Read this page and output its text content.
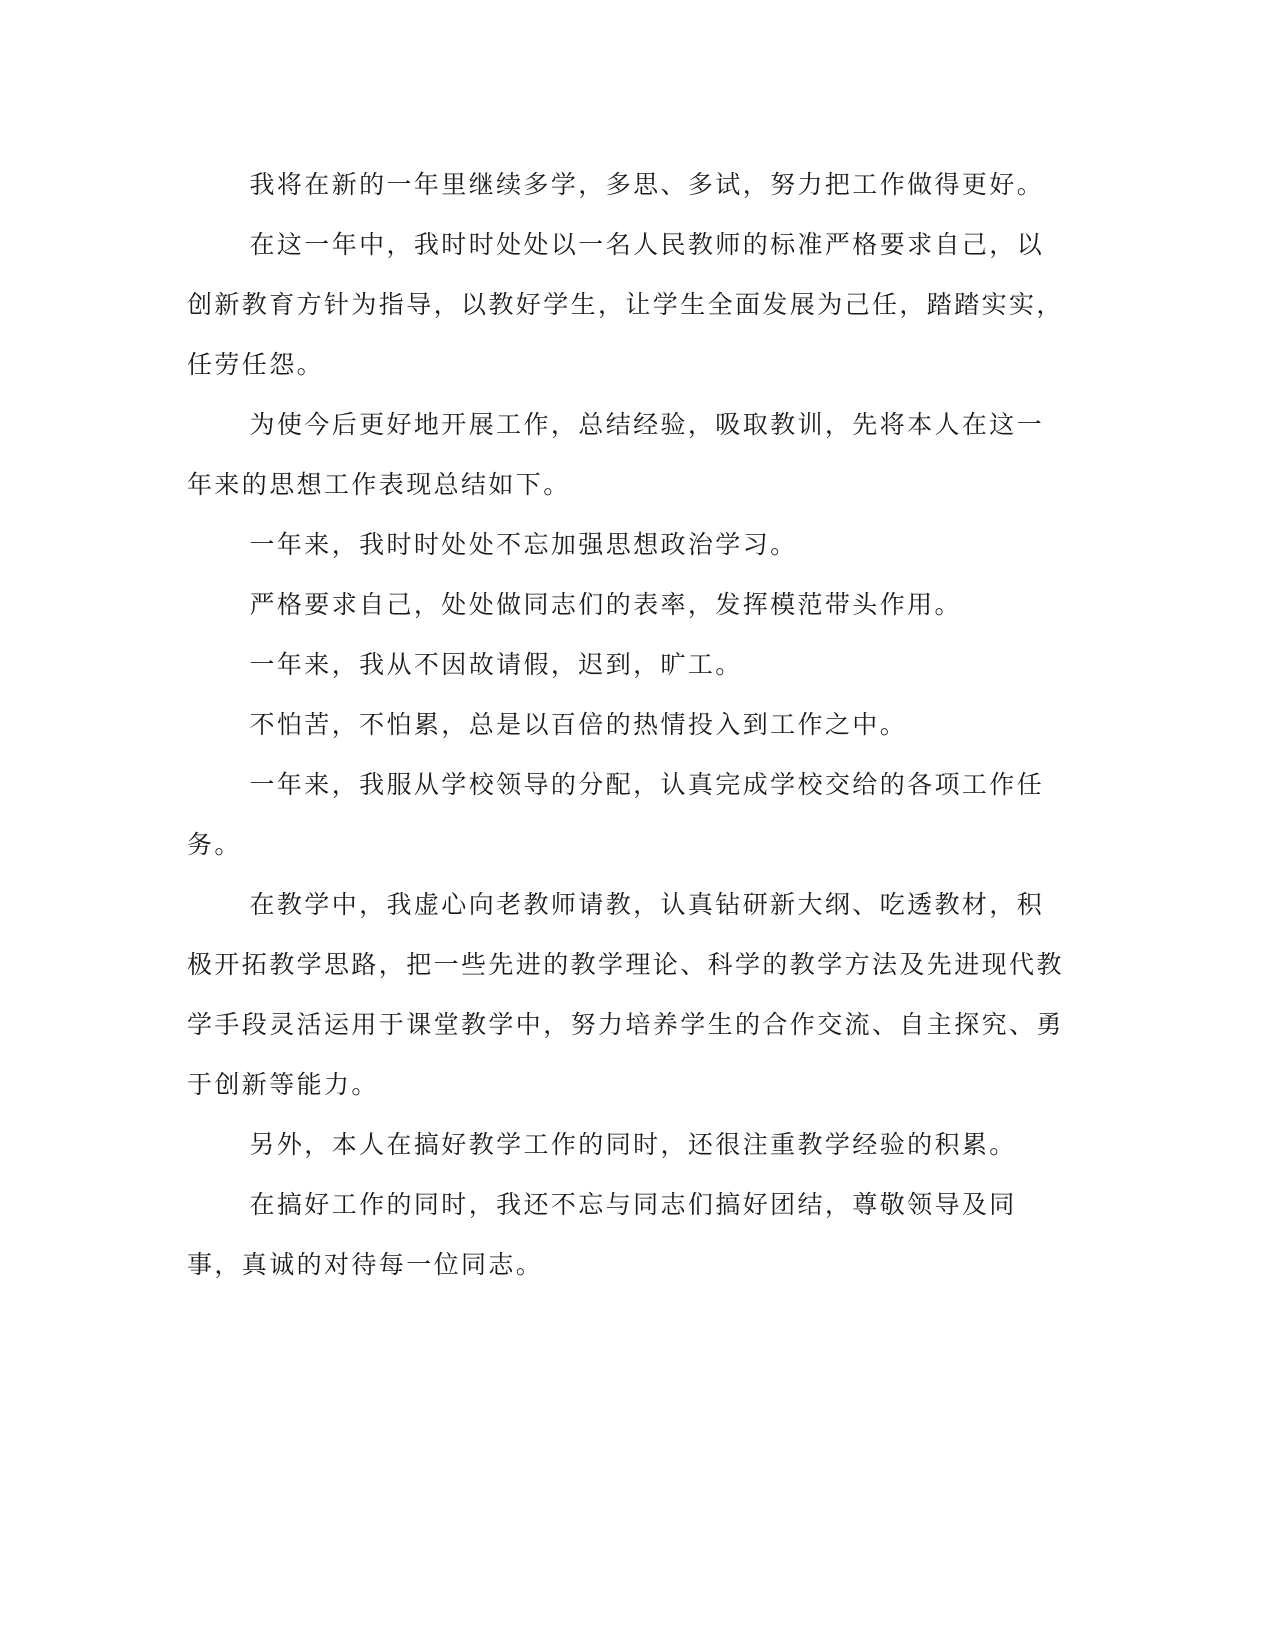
我将在新的一年里继续多学，多思、多试，努力把工作做得更好。

在这一年中，我时时处处以一名人民教师的标准严格要求自己，以创新教育方针为指导，以教好学生，让学生全面发展为己任，踏踏实实，任劳任怨。

为使今后更好地开展工作，总结经验，吸取教训，先将本人在这一年来的思想工作表现总结如下。

一年来，我时时处处不忘加强思想政治学习。

严格要求自己，处处做同志们的表率，发挥模范带头作用。

一年来，我从不因故请假，迟到，旷工。

不怕苦，不怕累，总是以百倍的热情投入到工作之中。

一年来，我服从学校领导的分配，认真完成学校交给的各项工作任务。

在教学中，我虚心向老教师请教，认真钻研新大纲、吃透教材，积极开拓教学思路，把一些先进的教学理论、科学的教学方法及先进现代教学手段灵活运用于课堂教学中，努力培养学生的合作交流、自主探究、勇于创新等能力。

另外，本人在搞好教学工作的同时，还很注重教学经验的积累。

在搞好工作的同时，我还不忘与同志们搞好团结，尊敬领导及同事，真诚的对待每一位同志。
